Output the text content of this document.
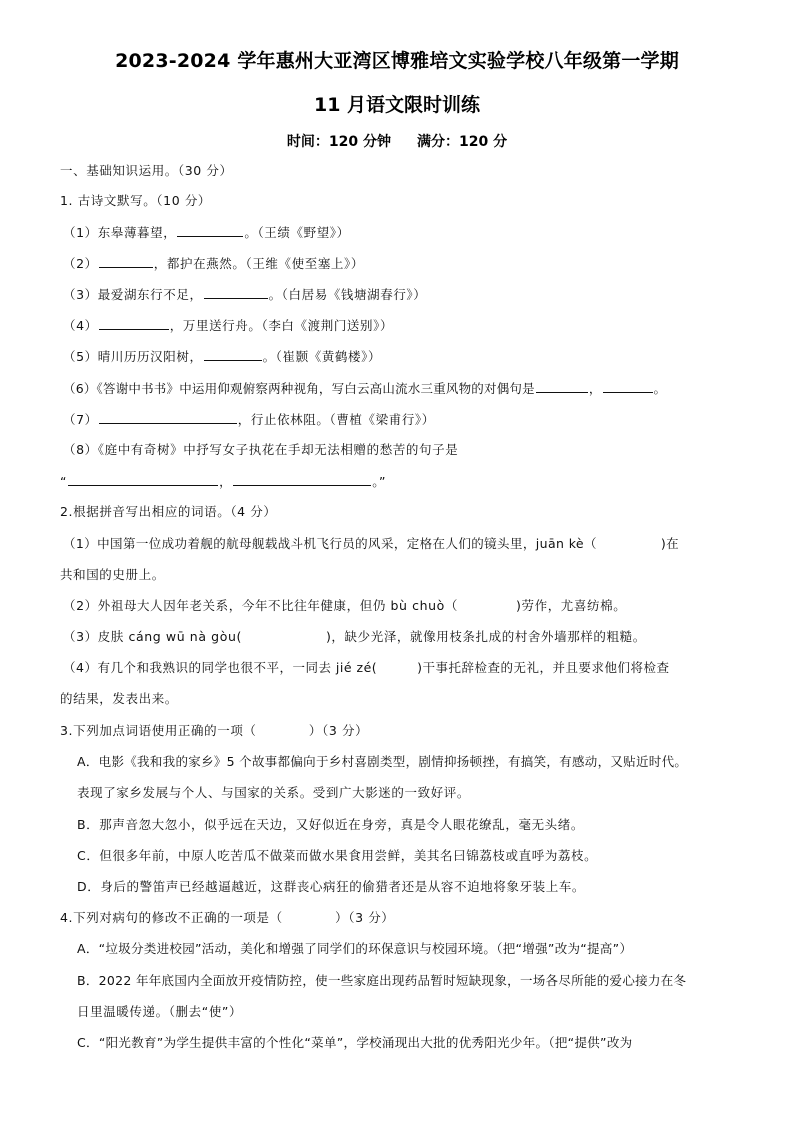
2023-2024 学年惠州大亚湾区博雅培文实验学校八年级第一学期
11 月语文限时训练
时间：120 分钟 满分：120 分
一、基础知识运用。（30 分）
1. 古诗文默写。（10 分）
（1）东皋薄暮望，	。（王绩《野望》）
（2）	，都护在燕然。（王维《使至塞上》）
（3）最爱湖东行不足，	。（白居易《钱塘湖春行》）
（4）	，万里送行舟。（李白《渡荆门送别》）
（5）晴川历历汉阳树，	。（崔颢《黄鹤楼》）
（6）《答谢中书书》中运用仰观俯察两种视角，写白云高山流水三重风物的对偶句是	，	。
（7）	，行止依林阻。（曹植《梁甫行》）
（8）《庭中有奇树》中抒写女子执花在手却无法相赠的愁苦的句子是
“	，	。”
2.根据拼音写出相应的词语。（4 分）
（1）中国第一位成功着舰的航母舰载战斗机飞行员的风采，定格在人们的镜头里，juān kè（	)在
共和国的史册上。
（2）外祖母大人因年老关系，今年不比往年健康，但仍 bù chuò（	)劳作，尤喜纺棉。
（3）皮肤 cáng wū nà gòu(	)，缺少光泽，就像用枝条扎成的村舍外墙那样的粗糙。
（4）有几个和我熟识的同学也很不平，一同去 jié zé(	)干事托辞检查的无礼，并且要求他们将检查
的结果，发表出来。
3.下列加点词语使用正确的一项（　　　　）（3 分）
A．电影《我和我的家乡》5 个故事都偏向于乡村喜剧类型，剧情抑扬顿挫，有搞笑，有感动，又贴近时代。
表现了家乡发展与个人、与国家的关系。受到广大影迷的一致好评。
B．那声音忽大忽小，似乎远在天边，又好似近在身旁，真是令人眼花缭乱，毫无头绪。
C．但很多年前，中原人吃苦瓜不做菜而做水果食用尝鲜，美其名曰锦荔枝或直呼为荔枝。
D．身后的警笛声已经越逼越近，这群丧心病狂的偷猎者还是从容不迫地将象牙装上车。
4.下列对病句的修改不正确的一项是（　　　　）（3 分）
A．“垃圾分类进校园”活动，美化和增强了同学们的环保意识与校园环境。（把“增强”改为“提高”）
B．2022 年年底国内全面放开疫情防控，使一些家庭出现药品暂时短缺现象，一场各尽所能的爱心接力在冬
日里温暖传递。（删去“使”）
C．“阳光教育”为学生提供丰富的个性化“菜单”，学校涌现出大批的优秀阳光少年。（把“提供”改为
